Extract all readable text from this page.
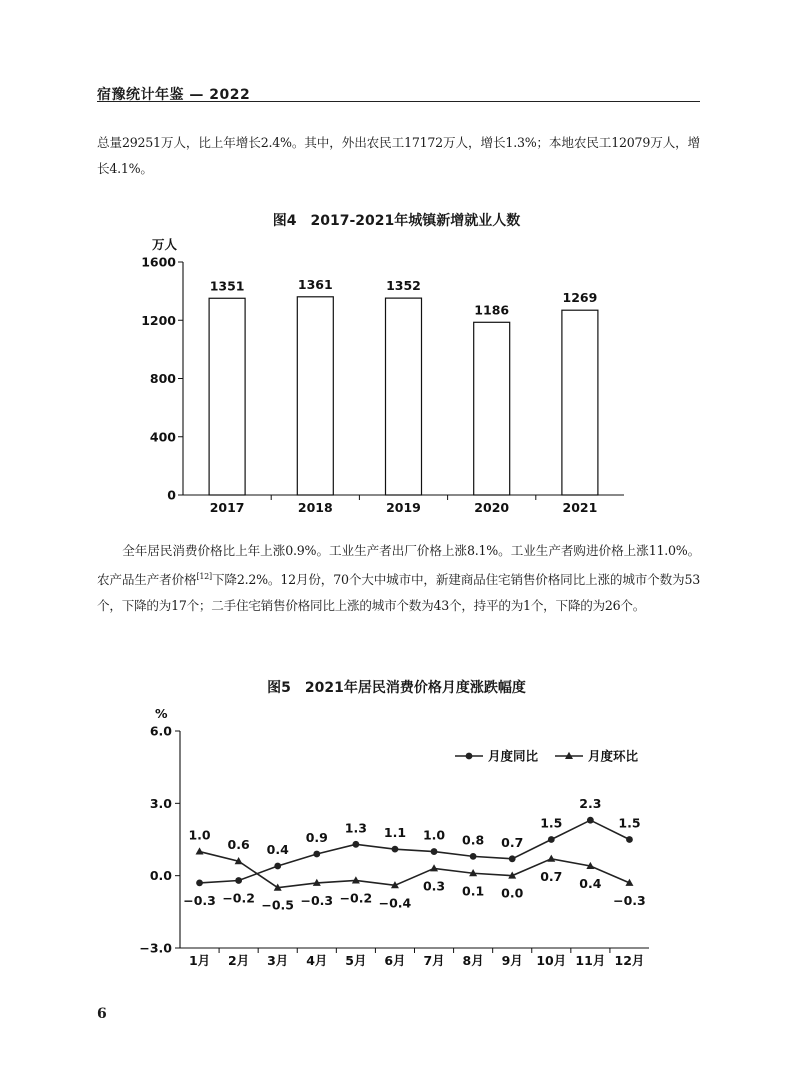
宿豫统计年鉴 — 2022

总量29251万人，比上年增长2.4%。其中，外出农民工17172万人，增长1.3%；本地农民工12079万人，增长4.1%。

图4　2017-2021年城镇新增就业人数
万人
0
400
800
1200
1600
1351
2017
1361
2018
1352
2019
1186
2020
1269
2021

全年居民消费价格比上年上涨0.9%。工业生产者出厂价格上涨8.1%。工业生产者购进价格上涨11.0%。农产品生产者价格[12]下降2.2%。12月份，70个大中城市中，新建商品住宅销售价格同比上涨的城市个数为53个，下降的为17个；二手住宅销售价格同比上涨的城市个数为43个，持平的为1个，下降的为26个。

图5　2021年居民消费价格月度涨跌幅度
%
−3.0
0.0
3.0
6.0
1月 2月 3月 4月 5月 6月 7月 8月 9月 10月 11月 12月
−0.3 −0.2
0.4
0.9
1.3 1.1 1.0 0.8 0.7
1.5
2.3
1.5
1.0
0.6
−0.5 −0.3 −0.2 −0.4
0.3 0.1 0.0
0.7 0.4
−0.3
月度同比	月度环比
6
